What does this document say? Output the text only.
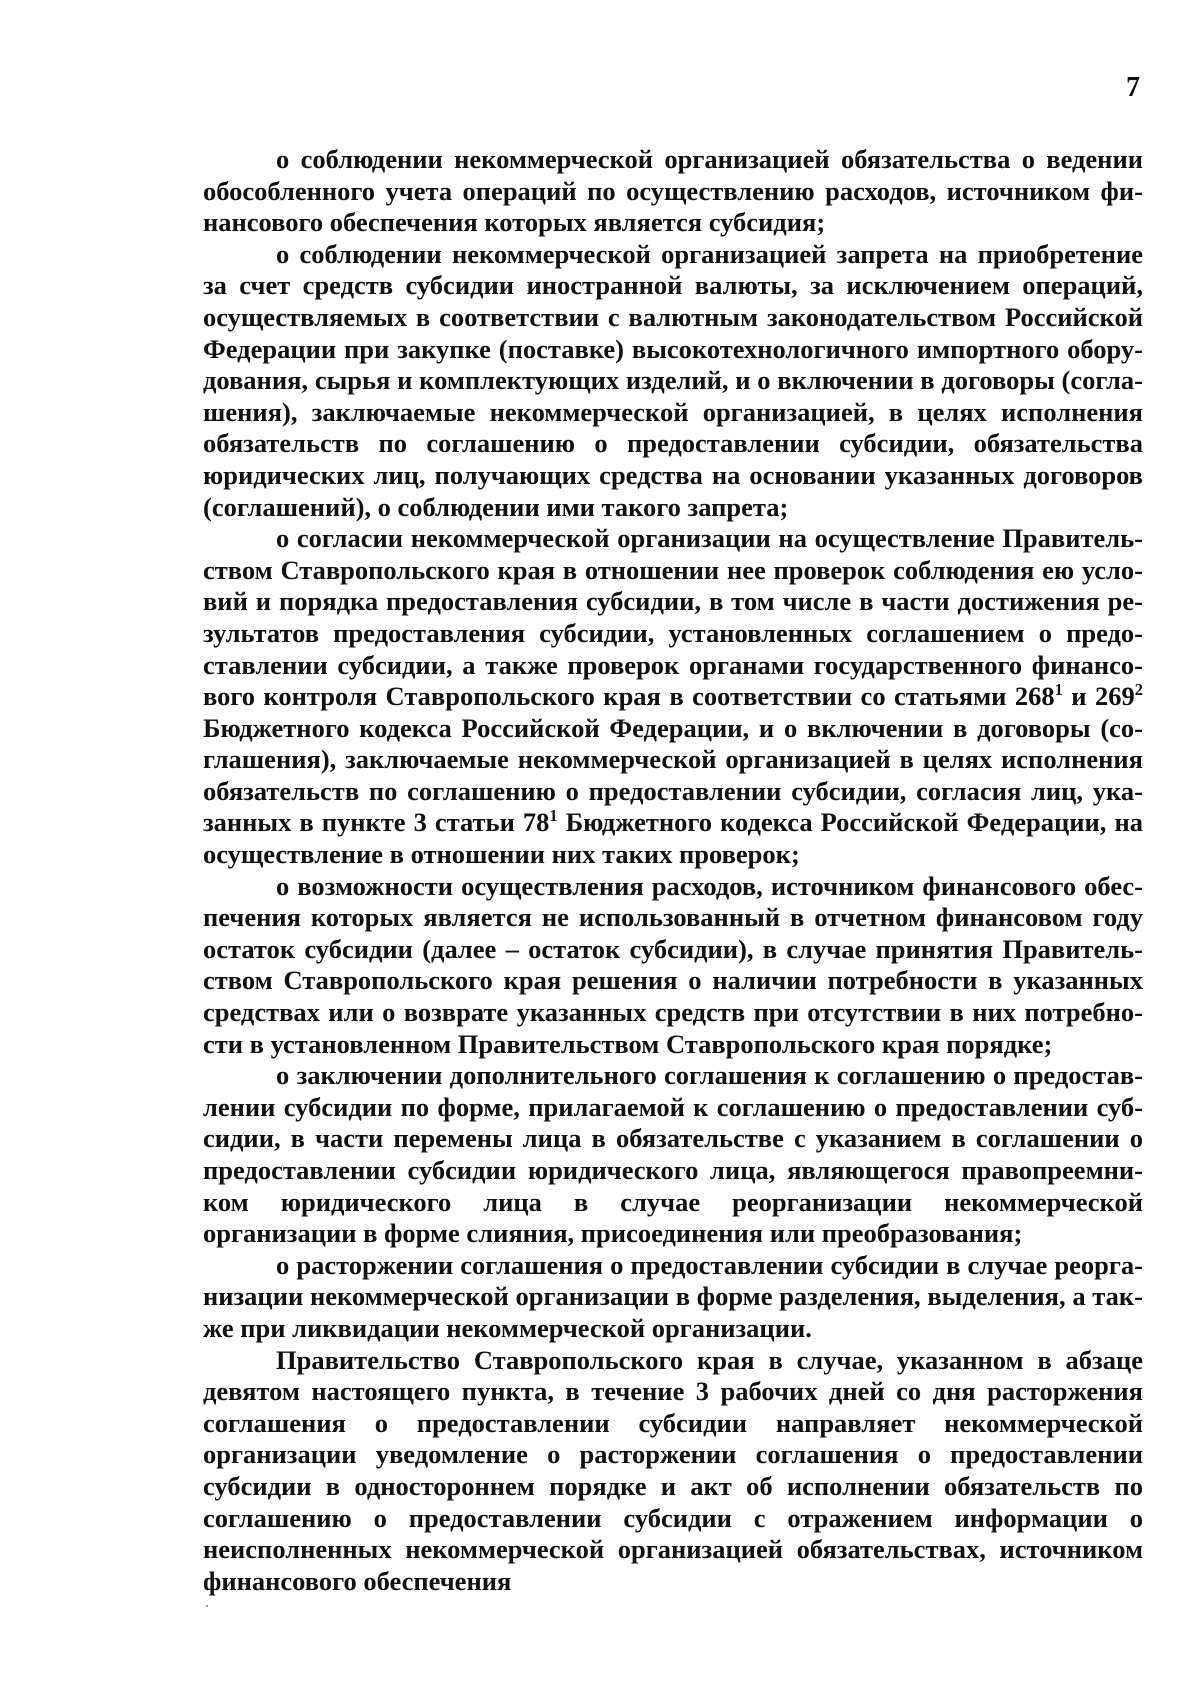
7

о соблюдении некоммерческой организацией обязательства о ведении обособленного учета операций по осуществлению расходов, источником финансового обеспечения которых является субсидия;

о соблюдении некоммерческой организацией запрета на приобретение за счет средств субсидии иностранной валюты, за исключением операций, осуществляемых в соответствии с валютным законодательством Российской Федерации при закупке (поставке) высокотехнологичного импортного оборудования, сырья и комплектующих изделий, и о включении в договоры (соглашения), заключаемые некоммерческой организацией, в целях исполнения обязательств по соглашению о предоставлении субсидии, обязательства юридических лиц, получающих средства на основании указанных договоров (соглашений), о соблюдении ими такого запрета;

о согласии некоммерческой организации на осуществление Правительством Ставропольского края в отношении нее проверок соблюдения ею условий и порядка предоставления субсидии, в том числе в части достижения результатов предоставления субсидии, установленных соглашением о предоставлении субсидии, а также проверок органами государственного финансового контроля Ставропольского края в соответствии со статьями $268^1$ и $269^2$ Бюджетного кодекса Российской Федерации, и о включении в договоры (соглашения), заключаемые некоммерческой организацией в целях исполнения обязательств по соглашению о предоставлении субсидии, согласия лиц, указанных в пункте 3 статьи $78^1$ Бюджетного кодекса Российской Федерации, на осуществление в отношении них таких проверок;

о возможности осуществления расходов, источником финансового обеспечения которых является не использованный в отчетном финансовом году остаток субсидии (далее – остаток субсидии), в случае принятия Правительством Ставропольского края решения о наличии потребности в указанных средствах или о возврате указанных средств при отсутствии в них потребности в установленном Правительством Ставропольского края порядке;

о заключении дополнительного соглашения к соглашению о предоставлении субсидии по форме, прилагаемой к соглашению о предоставлении субсидии, в части перемены лица в обязательстве с указанием в соглашении о предоставлении субсидии юридического лица, являющегося правопреемником юридического лица в случае реорганизации некоммерческой организации в форме слияния, присоединения или преобразования;

о расторжении соглашения о предоставлении субсидии в случае реорганизации некоммерческой организации в форме разделения, выделения, а также при ликвидации некоммерческой организации.

Правительство Ставропольского края в случае, указанном в абзаце девятом настоящего пункта, в течение 3 рабочих дней со дня расторжения соглашения о предоставлении субсидии направляет некоммерческой организации уведомление о расторжении соглашения о предоставлении субсидии в одностороннем порядке и акт об исполнении обязательств по соглашению о предоставлении субсидии с отражением информации о неисполненных некоммерческой организацией обязательствах, источником финансового обеспечения
